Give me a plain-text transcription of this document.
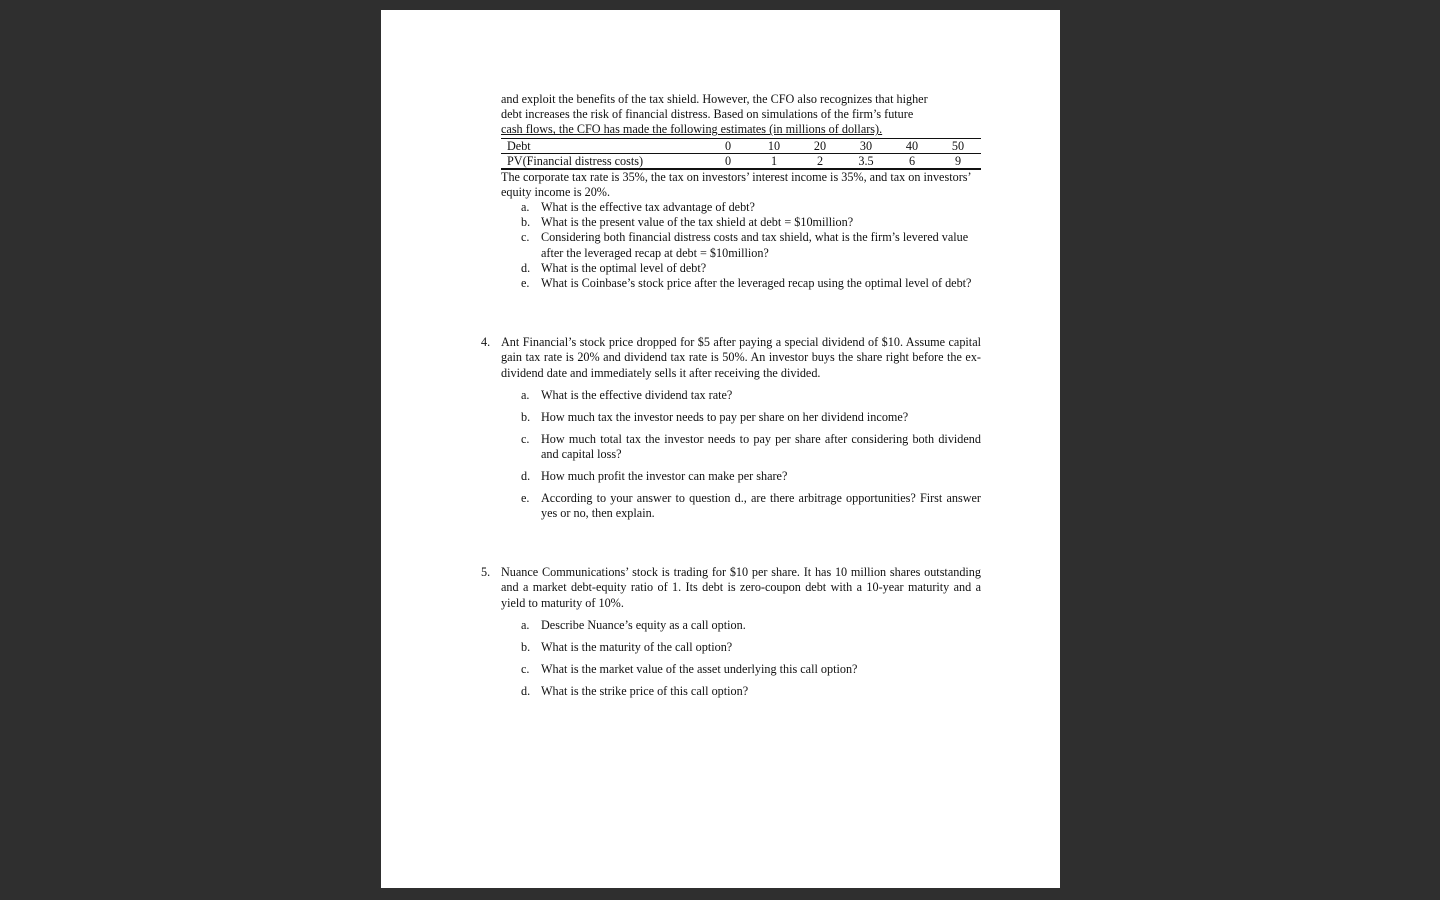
and exploit the benefits of the tax shield. However, the CFO also recognizes that higher
debt increases the risk of financial distress. Based on simulations of the firm’s future
cash flows, the CFO has made the following estimates (in millions of dollars).

Debt	0	10	20	30	40	50
PV(Financial distress costs)	0	1	2	3.5	6	9

The corporate tax rate is 35%, the tax on investors’ interest income is 35%, and tax on investors’ equity income is 20%.

a. What is the effective tax advantage of debt?
b. What is the present value of the tax shield at debt = $10million?
c. Considering both financial distress costs and tax shield, what is the firm’s levered value after the leveraged recap at debt = $10million?
d. What is the optimal level of debt?
e. What is Coinbase’s stock price after the leveraged recap using the optimal level of debt?
4. Ant Financial’s stock price dropped for $5 after paying a special dividend of $10. Assume capital gain tax rate is 20% and dividend tax rate is 50%. An investor buys the share right before the ex-dividend date and immediately sells it after receiving the divided.

a. What is the effective dividend tax rate?
b. How much tax the investor needs to pay per share on her dividend income?
c. How much total tax the investor needs to pay per share after considering both dividend and capital loss?
d. How much profit the investor can make per share?
e. According to your answer to question d., are there arbitrage opportunities? First answer yes or no, then explain.
5. Nuance Communications’ stock is trading for $10 per share. It has 10 million shares outstanding and a market debt-equity ratio of 1. Its debt is zero-coupon debt with a 10-year maturity and a yield to maturity of 10%.

a. Describe Nuance’s equity as a call option.
b. What is the maturity of the call option?
c. What is the market value of the asset underlying this call option?
d. What is the strike price of this call option?
